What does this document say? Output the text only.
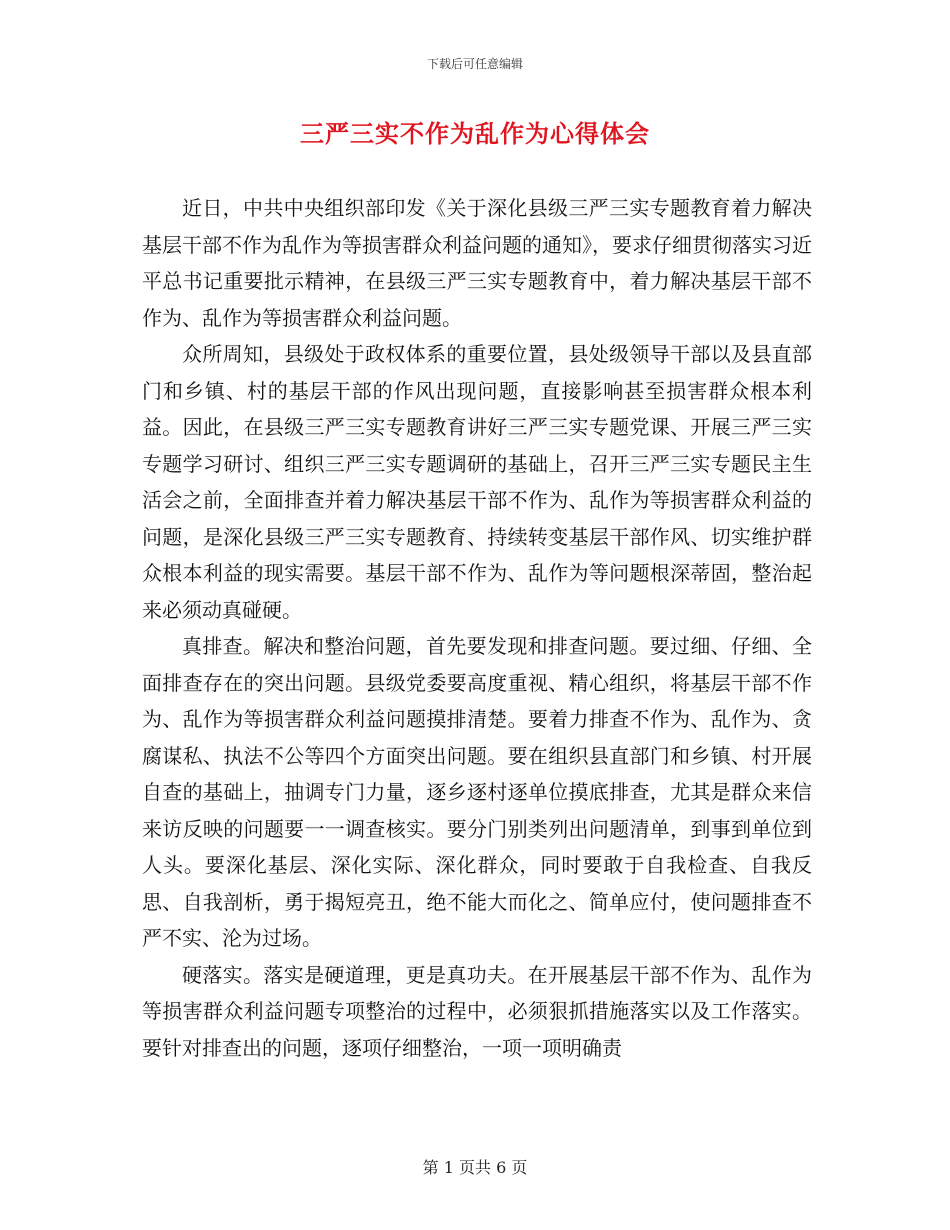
下载后可任意编辑
三严三实不作为乱作为心得体会

近日，中共中央组织部印发《关于深化县级三严三实专题教育着力解决基层干部不作为乱作为等损害群众利益问题的通知》，要求仔细贯彻落实习近平总书记重要批示精神，在县级三严三实专题教育中，着力解决基层干部不作为、乱作为等损害群众利益问题。

众所周知，县级处于政权体系的重要位置，县处级领导干部以及县直部门和乡镇、村的基层干部的作风出现问题，直接影响甚至损害群众根本利益。因此，在县级三严三实专题教育讲好三严三实专题党课、开展三严三实专题学习研讨、组织三严三实专题调研的基础上，召开三严三实专题民主生活会之前，全面排查并着力解决基层干部不作为、乱作为等损害群众利益的问题，是深化县级三严三实专题教育、持续转变基层干部作风、切实维护群众根本利益的现实需要。基层干部不作为、乱作为等问题根深蒂固，整治起来必须动真碰硬。

真排查。解决和整治问题，首先要发现和排查问题。要过细、仔细、全面排查存在的突出问题。县级党委要高度重视、精心组织，将基层干部不作为、乱作为等损害群众利益问题摸排清楚。要着力排查不作为、乱作为、贪腐谋私、执法不公等四个方面突出问题。要在组织县直部门和乡镇、村开展自查的基础上，抽调专门力量，逐乡逐村逐单位摸底排查，尤其是群众来信来访反映的问题要一一调查核实。要分门别类列出问题清单，到事到单位到人头。要深化基层、深化实际、深化群众，同时要敢于自我检查、自我反思、自我剖析，勇于揭短亮丑，绝不能大而化之、简单应付，使问题排查不严不实、沦为过场。

硬落实。落实是硬道理，更是真功夫。在开展基层干部不作为、乱作为等损害群众利益问题专项整治的过程中，必须狠抓措施落实以及工作落实。要针对排查出的问题，逐项仔细整治，一项一项明确责

第 1 页共 6 页
